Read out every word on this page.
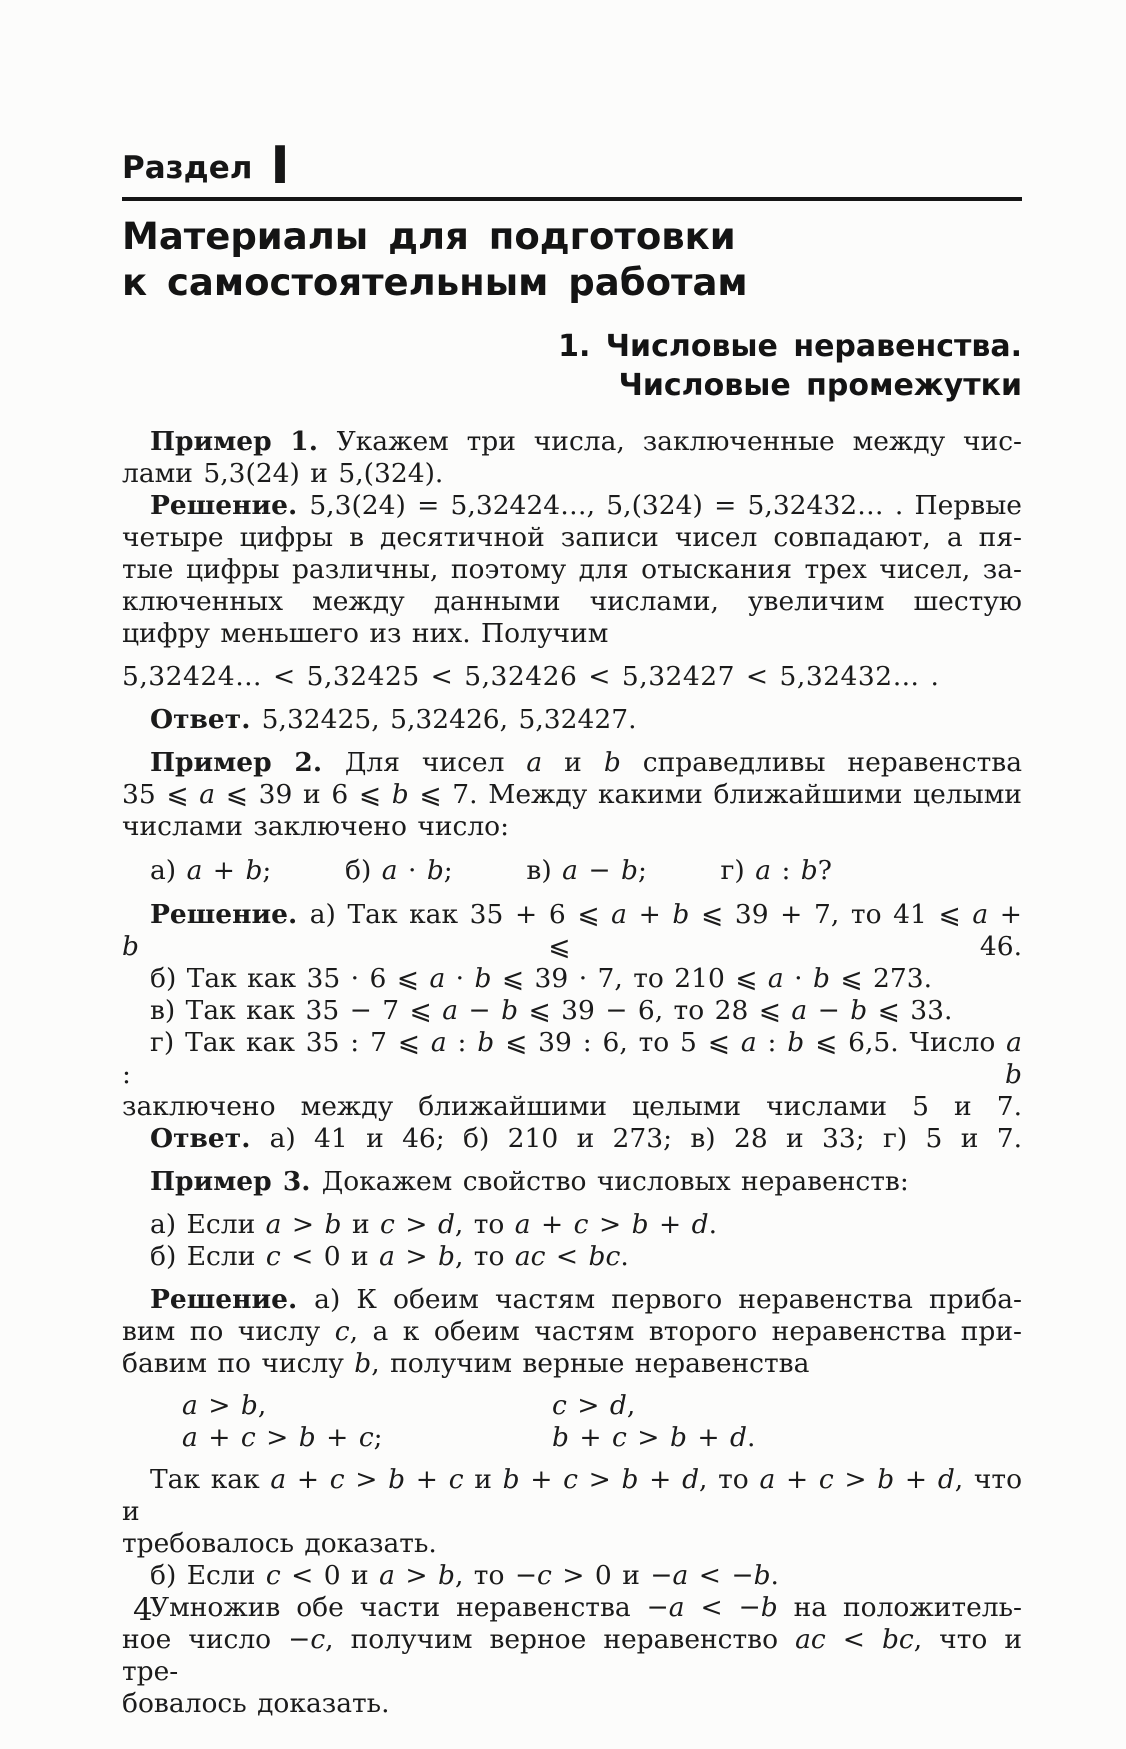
Раздел I
Материалы для подготовки
к самостоятельным работам
1. Числовые неравенства.
Числовые промежутки
Пример 1. Укажем три числа, заключенные между чис-
лами 5,3(24) и 5,(324).
Решение. 5,3(24) = 5,32424…, 5,(324) = 5,32432… . Первые
четыре цифры в десятичной записи чисел совпадают, а пя-
тые цифры различны, поэтому для отыскания трех чисел, за-
ключенных между данными числами, увеличим шестую
цифру меньшего из них. Получим
5,32424… < 5,32425 < 5,32426 < 5,32427 < 5,32432… .
Ответ. 5,32425, 5,32426, 5,32427.
Пример 2. Для чисел a и b справедливы неравенства
35 ⩽ a ⩽ 39 и 6 ⩽ b ⩽ 7. Между какими ближайшими целыми
числами заключено число:
а) a + b;	б) a · b;	в) a − b;	г) a : b?
Решение. а) Так как 35 + 6 ⩽ a + b ⩽ 39 + 7, то 41 ⩽ a + b ⩽ 46.
б) Так как 35 · 6 ⩽ a · b ⩽ 39 · 7, то 210 ⩽ a · b ⩽ 273.
в) Так как 35 − 7 ⩽ a − b ⩽ 39 − 6, то 28 ⩽ a − b ⩽ 33.
г) Так как 35 : 7 ⩽ a : b ⩽ 39 : 6, то 5 ⩽ a : b ⩽ 6,5. Число a : b
заключено между ближайшими целыми числами 5 и 7.
Ответ. а) 41 и 46; б) 210 и 273; в) 28 и 33; г) 5 и 7.
Пример 3. Докажем свойство числовых неравенств:
а) Если a > b и c > d, то a + c > b + d.
б) Если c < 0 и a > b, то ac < bc.
Решение. а) К обеим частям первого неравенства приба-
вим по числу c, а к обеим частям второго неравенства при-
бавим по числу b, получим верные неравенства
a > b,
a + c > b + c;
c > d,
b + c > b + d.
Так как a + c > b + c и b + c > b + d, то a + c > b + d, что и
требовалось доказать.
б) Если c < 0 и a > b, то −c > 0 и −a < −b.
Умножив обе части неравенства −a < −b на положитель-
ное число −c, получим верное неравенство ac < bc, что и тре-
бовалось доказать.
4
